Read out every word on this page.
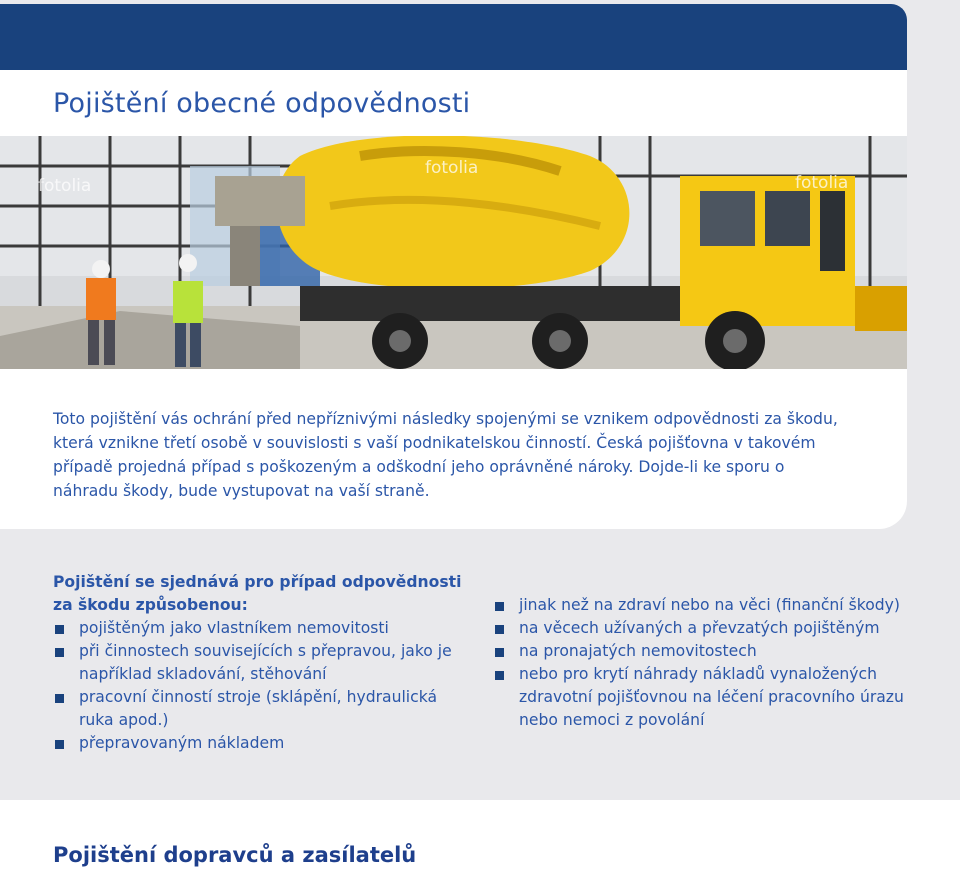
Pojištění obecné odpovědnosti
fotolia
fotolia
fotolia

Toto pojištění vás ochrání před nepříznivými následky spojenými se vznikem odpovědnosti za škodu, která vznikne třetí osobě v souvislosti s vaší podnikatelskou činností. Česká pojišťovna v takovém případě projedná případ s poškozeným a odškodní jeho oprávněné nároky. Dojde-li ke sporu o náhradu škody, bude vystupovat na vaší straně.

Pojištění se sjednává pro případ odpovědnosti za škodu způsobenou:

pojištěným jako vlastníkem nemovitosti
při činnostech souvisejících s přepravou, jako je například skladování, stěhování
pracovní činností stroje (sklápění, hydraulická ruka apod.)
přepravovaným nákladem
jinak než na zdraví nebo na věci (finanční škody)
na věcech užívaných a převzatých pojištěným
na pronajatých nemovitostech
nebo pro krytí náhrady nákladů vynaložených zdravotní pojišťovnou na léčení pracovního úrazu nebo nemoci z povolání
Pojištění dopravců a zasílatelů
